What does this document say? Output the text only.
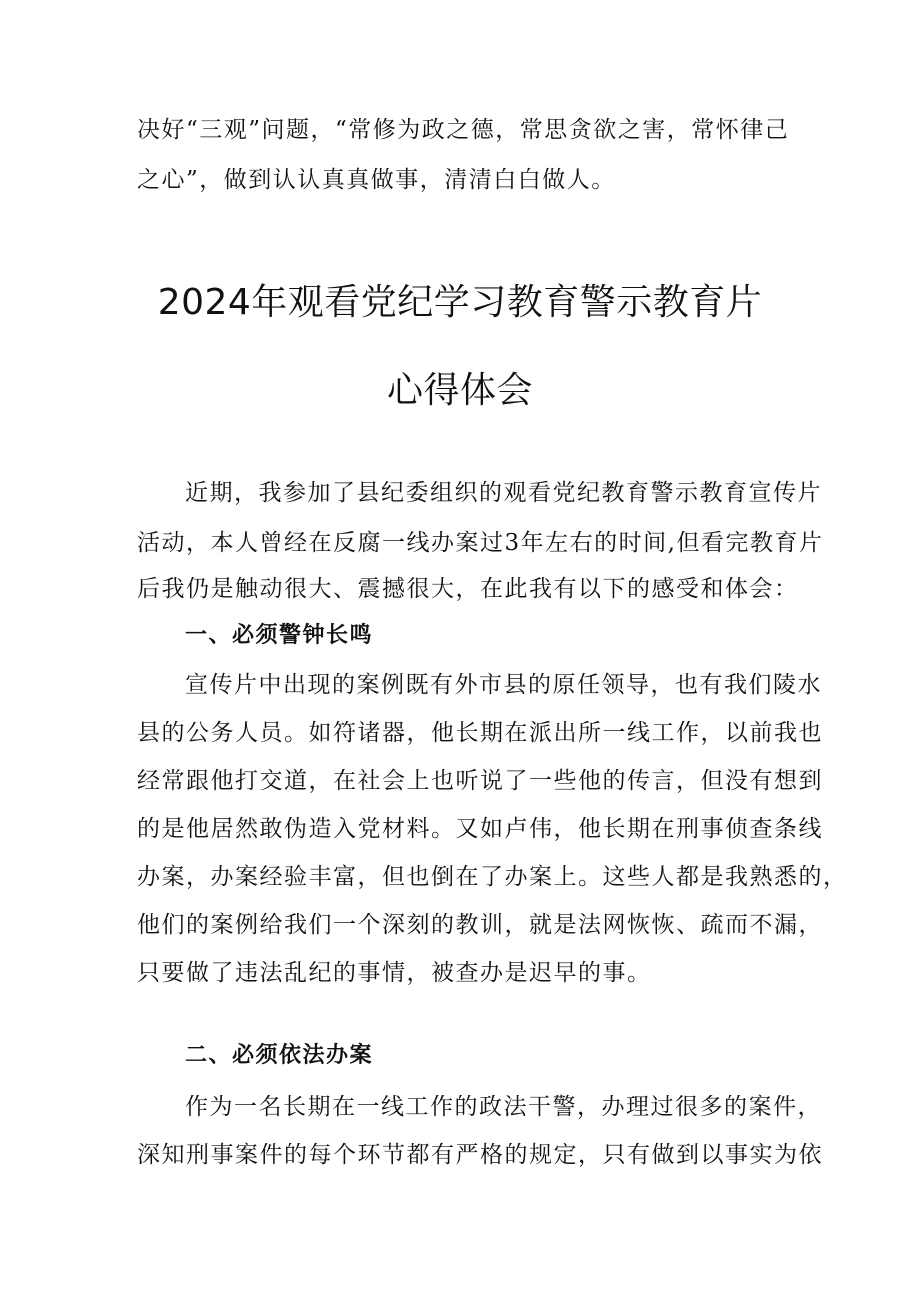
决好“三观”问题，“常修为政之德，常思贪欲之害，常怀律己
之心”，做到认认真真做事，清清白白做人。
2024年观看党纪学习教育警示教育片
心得体会
近期，我参加了县纪委组织的观看党纪教育警示教育宣传片
活动，本人曾经在反腐一线办案过3年左右的时间,但看完教育片
后我仍是触动很大、震撼很大，在此我有以下的感受和体会：
一、必须警钟长鸣
宣传片中出现的案例既有外市县的原任领导，也有我们陵水
县的公务人员。如符诸器，他长期在派出所一线工作，以前我也
经常跟他打交道，在社会上也听说了一些他的传言，但没有想到
的是他居然敢伪造入党材料。又如卢伟，他长期在刑事侦查条线
办案，办案经验丰富，但也倒在了办案上。这些人都是我熟悉的，
他们的案例给我们一个深刻的教训，就是法网恢恢、疏而不漏，
只要做了违法乱纪的事情，被查办是迟早的事。
二、必须依法办案
作为一名长期在一线工作的政法干警，办理过很多的案件，
深知刑事案件的每个环节都有严格的规定，只有做到以事实为依
